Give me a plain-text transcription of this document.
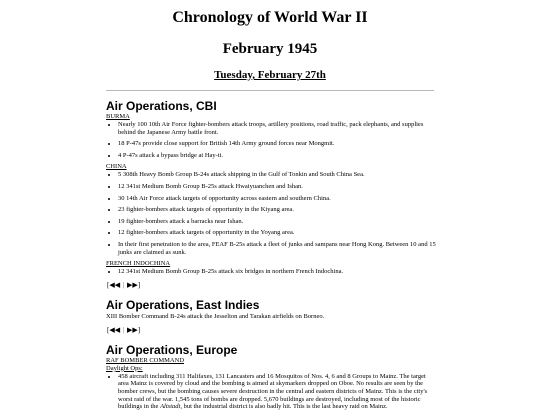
Chronology of World War II
February 1945
Tuesday, February 27th
Air Operations, CBI
BURMA
• Nearly 100 10th Air Force fighter-bombers attack troops, artillery positions, road traffic, pack elephants, and supplies behind the Japanese Army battle front.
• 18 P-47s provide close support for British 14th Army ground forces near Mongmit.
• 4 P-47s attack a bypass bridge at Hay-ti.
CHINA
• 5 308th Heavy Bomb Group B-24s attack shipping in the Gulf of Tonkin and South China Sea.
• 12 341st Medium Bomb Group B-25s attack Hwaiyuanchen and Ishan.
• 30 14th Air Force attack targets of opportunity across eastern and southern China.
• 23 fighter-bombers attack targets of opportunity in the Kiyang area.
• 19 fighter-bombers attack a barracks near Ishan.
• 12 fighter-bombers attack targets of opportunity in the Yoyang area.
• In their first penetration to the area, FEAF B-25s attack a fleet of junks and sampans near Hong Kong. Between 10 and 15 junks are claimed as sunk.
FRENCH INDOCHINA
• 12 341st Medium Bomb Group B-25s attack six bridges in northern French Indochina.
[◀◀ | ▶▶]
Air Operations, East Indies

XIII Bomber Command B-24s attack the Jesselton and Tarakan airfields on Borneo.

[◀◀ | ▶▶]
Air Operations, Europe
RAF BOMBER COMMAND
Daylight Ops:
• 458 aircraft including 311 Halifaxes, 131 Lancasters and 16 Mosquitos of Nos. 4, 6 and 8 Groups to Mainz. The target area Mainz is covered by cloud and the bombing is aimed at skymarkers dropped on Oboe. No results are seen by the bomber crews, but the bombing causes severe destruction in the central and eastern districts of Mainz. This is the city's worst raid of the war. 1,545 tons of bombs are dropped. 5,670 buildings are destroyed, including most of the historic buildings in the Altstadt, but the industrial district is also badly hit. This is the last heavy raid on Mainz.
